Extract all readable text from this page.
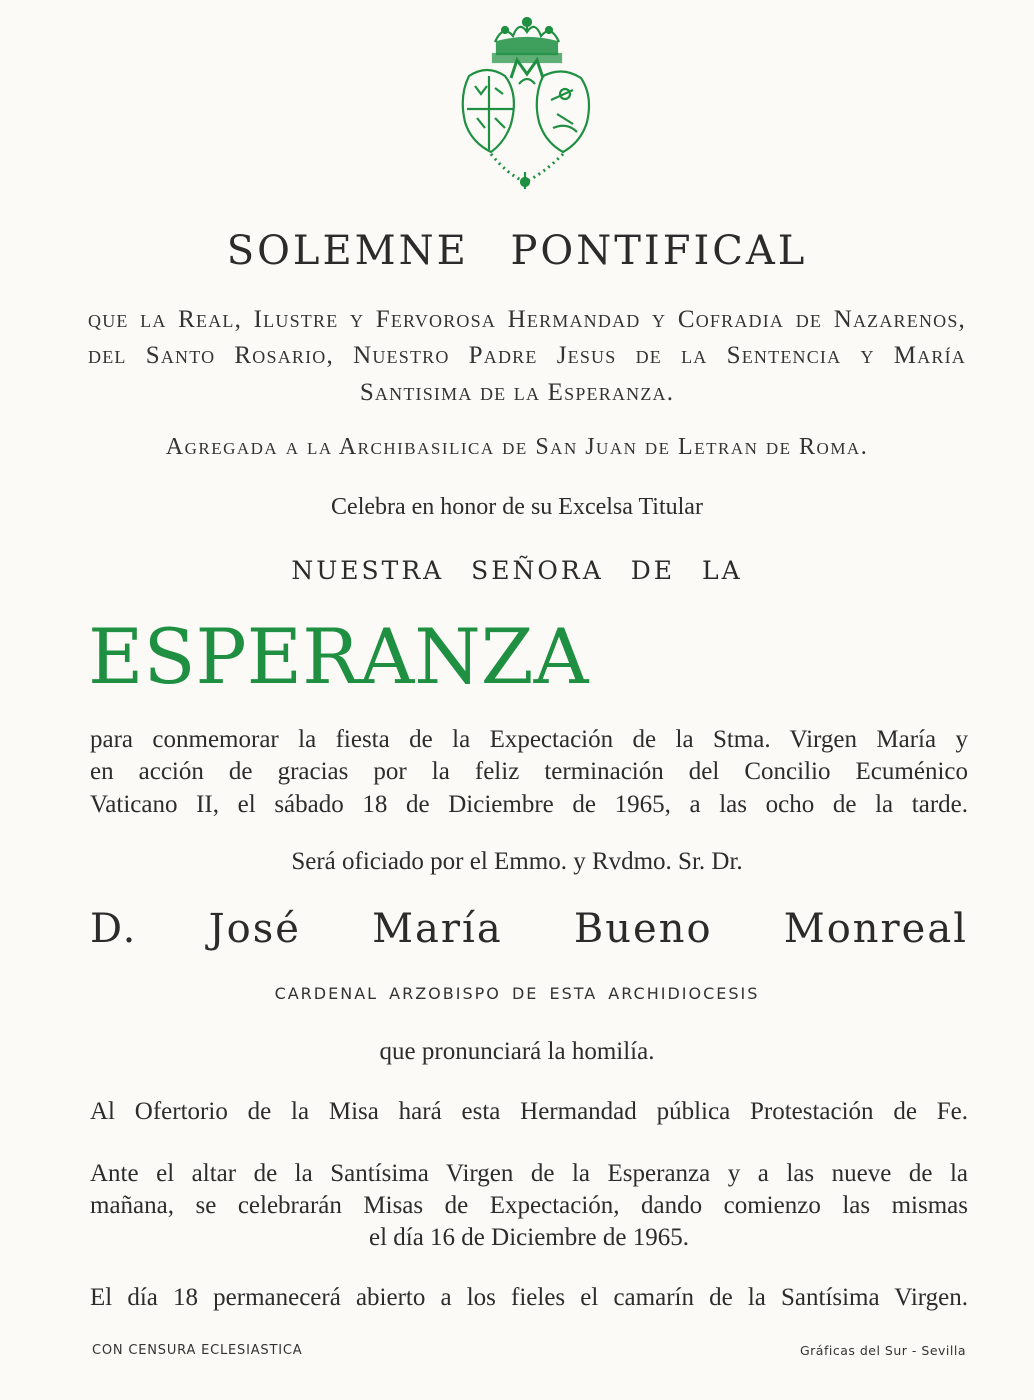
SOLEMNE PONTIFICAL
que la Real, Ilustre y Fervorosa Hermandad y Cofradia de Nazarenos,
del Santo Rosario, Nuestro Padre Jesus de la Sentencia y María
Santisima de la Esperanza.
Agregada a la Archibasilica de San Juan de Letran de Roma.
Celebra en honor de su Excelsa Titular
NUESTRA SEÑORA DE LA
ESPERANZA
para conmemorar la fiesta de la Expectación de la Stma. Virgen María y
en acción de gracias por la feliz terminación del Concilio Ecuménico
Vaticano II, el sábado 18 de Diciembre de 1965, a las ocho de la tarde.
Será oficiado por el Emmo. y Rvdmo. Sr. Dr.
D. José María Bueno Monreal
CARDENAL ARZOBISPO DE ESTA ARCHIDIOCESIS
que pronunciará la homilía.
Al Ofertorio de la Misa hará esta Hermandad pública Protestación de Fe.
Ante el altar de la Santísima Virgen de la Esperanza y a las nueve de la
mañana, se celebrarán Misas de Expectación, dando comienzo las mismas
el día 16 de Diciembre de 1965.
El día 18 permanecerá abierto a los fieles el camarín de la Santísima Virgen.
CON CENSURA ECLESIASTICA	Gráficas del Sur - Sevilla
